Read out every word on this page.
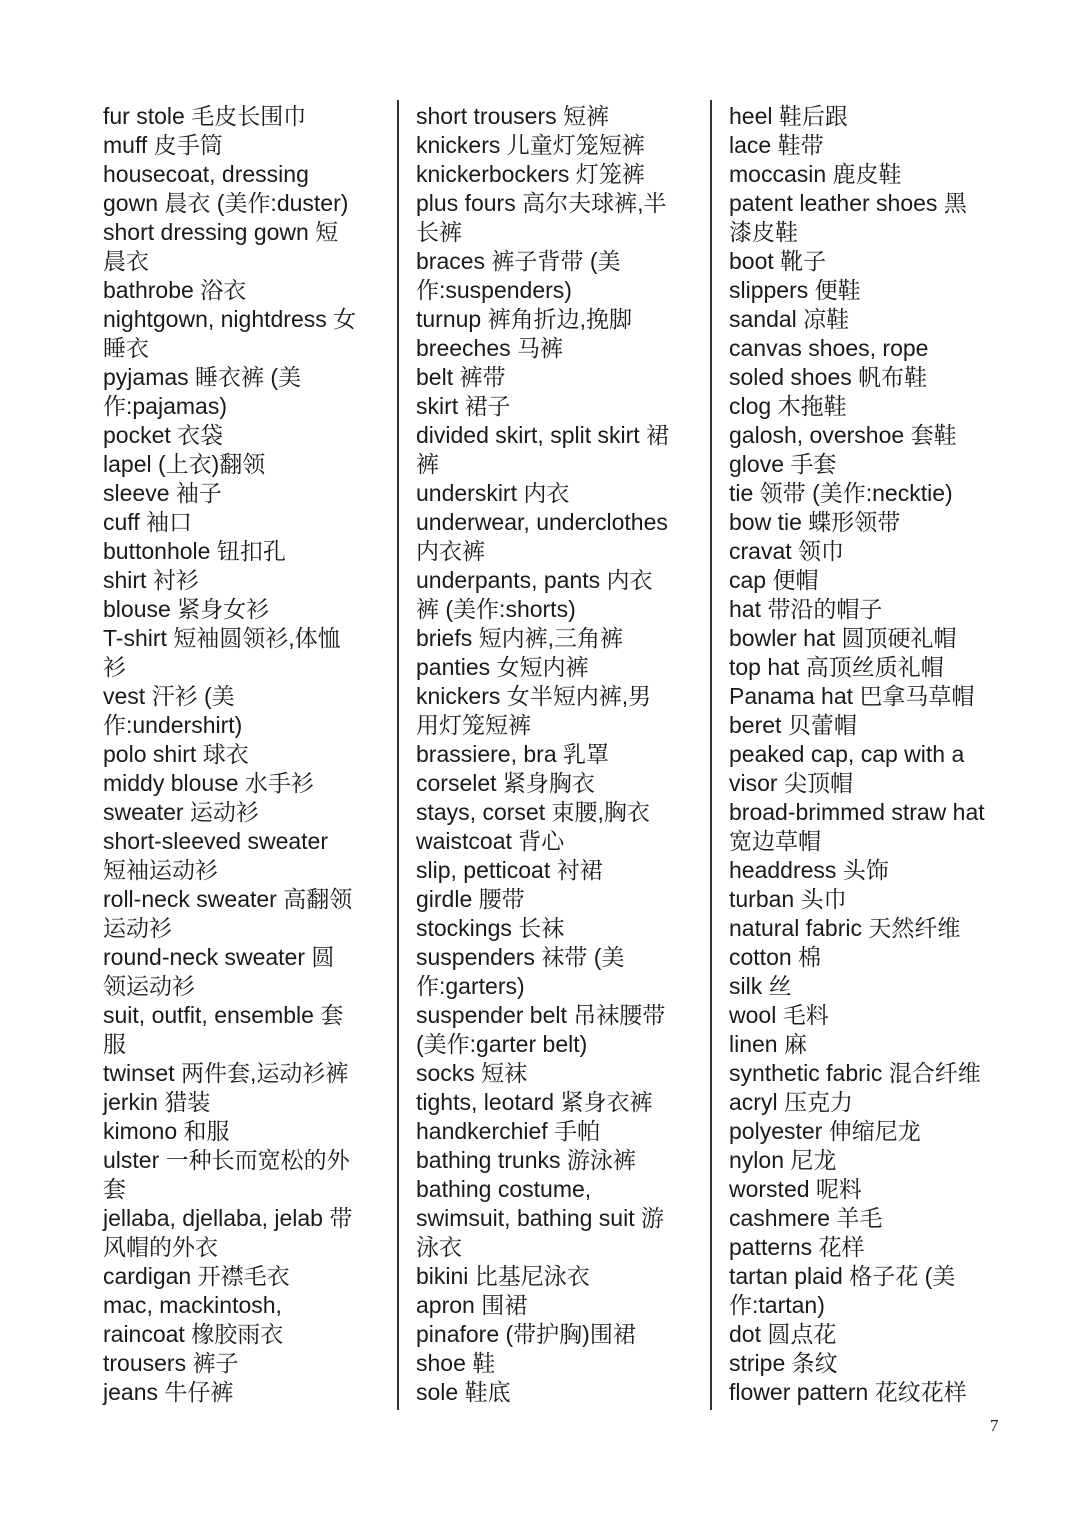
fur stole 毛皮长围巾
muff 皮手筒
housecoat, dressing
gown 晨衣 (美作:duster)
short dressing gown 短
晨衣
bathrobe 浴衣
nightgown, nightdress 女
睡衣
pyjamas 睡衣裤 (美
作:pajamas)
pocket 衣袋
lapel (上衣)翻领
sleeve 袖子
cuff 袖口
buttonhole 钮扣孔
shirt 衬衫
blouse 紧身女衫
T-shirt 短袖圆领衫,体恤
衫
vest 汗衫 (美
作:undershirt)
polo shirt 球衣
middy blouse 水手衫
sweater 运动衫
short-sleeved sweater
短袖运动衫
roll-neck sweater 高翻领
运动衫
round-neck sweater 圆
领运动衫
suit, outfit, ensemble 套
服
twinset 两件套,运动衫裤
jerkin 猎装
kimono 和服
ulster 一种长而宽松的外
套
jellaba, djellaba, jelab 带
风帽的外衣
cardigan 开襟毛衣
mac, mackintosh,
raincoat 橡胶雨衣
trousers 裤子
jeans 牛仔裤
short trousers 短裤
knickers 儿童灯笼短裤
knickerbockers 灯笼裤
plus fours 高尔夫球裤,半
长裤
braces 裤子背带 (美
作:suspenders)
turnup 裤角折边,挽脚
breeches 马裤
belt 裤带
skirt 裙子
divided skirt, split skirt 裙
裤
underskirt 内衣
underwear, underclothes
内衣裤
underpants, pants 内衣
裤 (美作:shorts)
briefs 短内裤,三角裤
panties 女短内裤
knickers 女半短内裤,男
用灯笼短裤
brassiere, bra 乳罩
corselet 紧身胸衣
stays, corset 束腰,胸衣
waistcoat 背心
slip, petticoat 衬裙
girdle 腰带
stockings 长袜
suspenders 袜带 (美
作:garters)
suspender belt 吊袜腰带
(美作:garter belt)
socks 短袜
tights, leotard 紧身衣裤
handkerchief 手帕
bathing trunks 游泳裤
bathing costume,
swimsuit, bathing suit 游
泳衣
bikini 比基尼泳衣
apron 围裙
pinafore (带护胸)围裙
shoe 鞋
sole 鞋底
heel 鞋后跟
lace 鞋带
moccasin 鹿皮鞋
patent leather shoes 黑
漆皮鞋
boot 靴子
slippers 便鞋
sandal 凉鞋
canvas shoes, rope
soled shoes 帆布鞋
clog 木拖鞋
galosh, overshoe 套鞋
glove 手套
tie 领带 (美作:necktie)
bow tie 蝶形领带
cravat 领巾
cap 便帽
hat 带沿的帽子
bowler hat 圆顶硬礼帽
top hat 高顶丝质礼帽
Panama hat 巴拿马草帽
beret 贝蕾帽
peaked cap, cap with a
visor 尖顶帽
broad-brimmed straw hat
宽边草帽
headdress 头饰
turban 头巾
natural fabric 天然纤维
cotton 棉
silk 丝
wool 毛料
linen 麻
synthetic fabric 混合纤维
acryl 压克力
polyester 伸缩尼龙
nylon 尼龙
worsted 呢料
cashmere 羊毛
patterns 花样
tartan plaid 格子花 (美
作:tartan)
dot 圆点花
stripe 条纹
flower pattern 花纹花样
7
